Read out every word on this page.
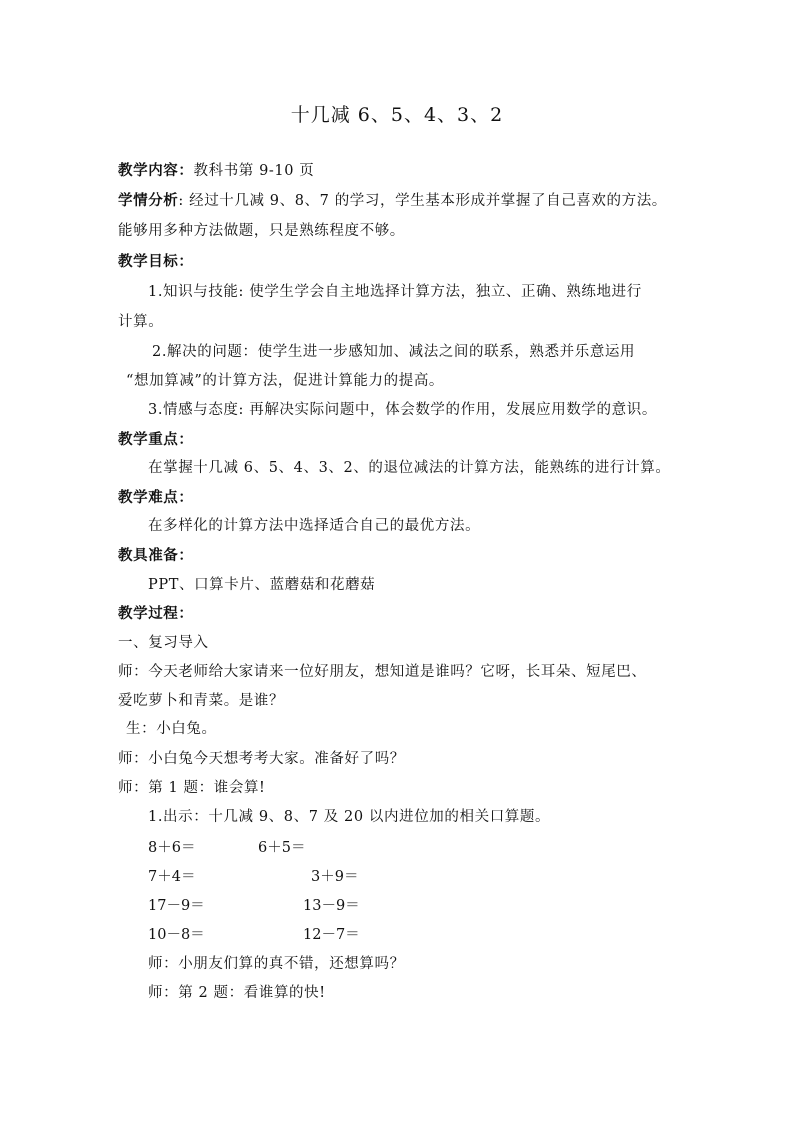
十几减 6、5、4、3、2
教学内容：教科书第 9-10 页
学情分析: 经过十几减 9、8、7 的学习，学生基本形成并掌握了自己喜欢的方法。
能够用多种方法做题，只是熟练程度不够。
教学目标：
1.知识与技能: 使学生学会自主地选择计算方法，独立、正确、熟练地进行
计算。
2.解决的问题：使学生进一步感知加、减法之间的联系，熟悉并乐意运用
“想加算减”的计算方法，促进计算能力的提高。
3.情感与态度: 再解决实际问题中，体会数学的作用，发展应用数学的意识。
教学重点：
在掌握十几减 6、5、4、3、2、的退位减法的计算方法，能熟练的进行计算。
教学难点：
在多样化的计算方法中选择适合自己的最优方法。
教具准备：
PPT、口算卡片、蓝蘑菇和花蘑菇
教学过程：
一、复习导入
师：今天老师给大家请来一位好朋友，想知道是谁吗？它呀，长耳朵、短尾巴、
爱吃萝卜和青菜。是谁？
生：小白兔。
师：小白兔今天想考考大家。准备好了吗？
师：第 1 题：谁会算!
1.出示：十几减 9、8、7 及 20 以内进位加的相关口算题。
8＋6＝	6＋5＝
7＋4＝	3＋9＝
17－9＝	13－9＝
10－8＝	12－7＝
师：小朋友们算的真不错，还想算吗？
师：第 2 题：看谁算的快!
